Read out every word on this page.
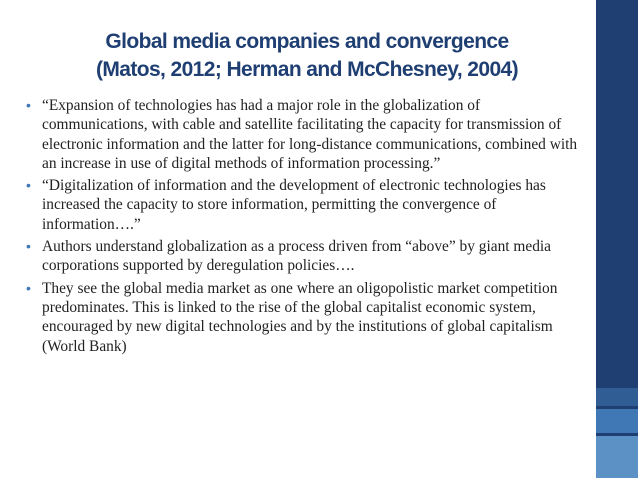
Global media companies and convergence
(Matos, 2012; Herman and McChesney, 2004)
• “Expansion of technologies has had a major role in the globalization of communications, with cable and satellite facilitating the capacity for transmission of electronic information and the latter for long-distance communications, combined with an increase in use of digital methods of information processing.”
• “Digitalization of information and the development of electronic technologies has increased the capacity to store information, permitting the convergence of information….”
• Authors understand globalization as a process driven from “above” by giant media corporations supported by deregulation policies….
• They see the global media market as one where an oligopolistic market competition predominates. This is linked to the rise of the global capitalist economic system, encouraged by new digital technologies and by the institutions of global capitalism (World Bank)
